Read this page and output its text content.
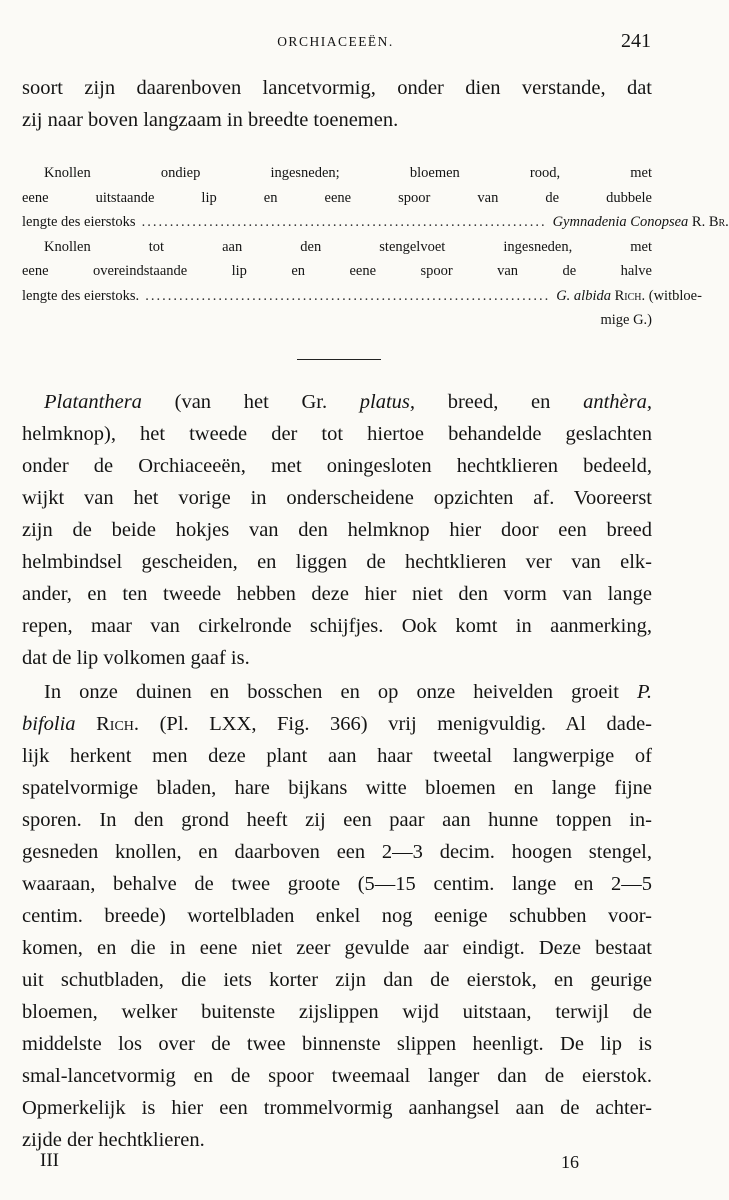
ORCHIACEEËN.	241
soort zijn daarenboven lancetvormig, onder dien verstande, dat
zij naar boven langzaam in breedte toenemen.
Knollen ondiep ingesneden; bloemen rood, met
eene uitstaande lip en eene spoor van de dubbele
lengte des eierstoks ........................................................................ Gymnadenia Conopsea R. Br.
Knollen tot aan den stengelvoet ingesneden, met
eene overeindstaande lip en eene spoor van de halve
lengte des eierstoks. ........................................................................ G. albida Rich. (witbloe-
mige G.)
Platanthera (van het Gr. platus, breed, en anthèra,
helmknop), het tweede der tot hiertoe behandelde geslachten
onder de Orchiaceeën, met oningesloten hechtklieren bedeeld,
wijkt van het vorige in onderscheidene opzichten af. Vooreerst
zijn de beide hokjes van den helmknop hier door een breed
helmbindsel gescheiden, en liggen de hechtklieren ver van elk-
ander, en ten tweede hebben deze hier niet den vorm van lange
repen, maar van cirkelronde schijfjes. Ook komt in aanmerking,
dat de lip volkomen gaaf is.
In onze duinen en bosschen en op onze heivelden groeit P.
bifolia Rich. (Pl. LXX, Fig. 366) vrij menigvuldig. Al dade-
lijk herkent men deze plant aan haar tweetal langwerpige of
spatelvormige bladen, hare bijkans witte bloemen en lange fijne
sporen. In den grond heeft zij een paar aan hunne toppen in-
gesneden knollen, en daarboven een 2—3 decim. hoogen stengel,
waaraan, behalve de twee groote (5—15 centim. lange en 2—5
centim. breede) wortelbladen enkel nog eenige schubben voor-
komen, en die in eene niet zeer gevulde aar eindigt. Deze bestaat
uit schutbladen, die iets korter zijn dan de eierstok, en geurige
bloemen, welker buitenste zijslippen wijd uitstaan, terwijl de
middelste los over de twee binnenste slippen heenligt. De lip is
smal-lancetvormig en de spoor tweemaal langer dan de eierstok.
Opmerkelijk is hier een trommelvormig aanhangsel aan de achter-
zijde der hechtklieren.
III	16
